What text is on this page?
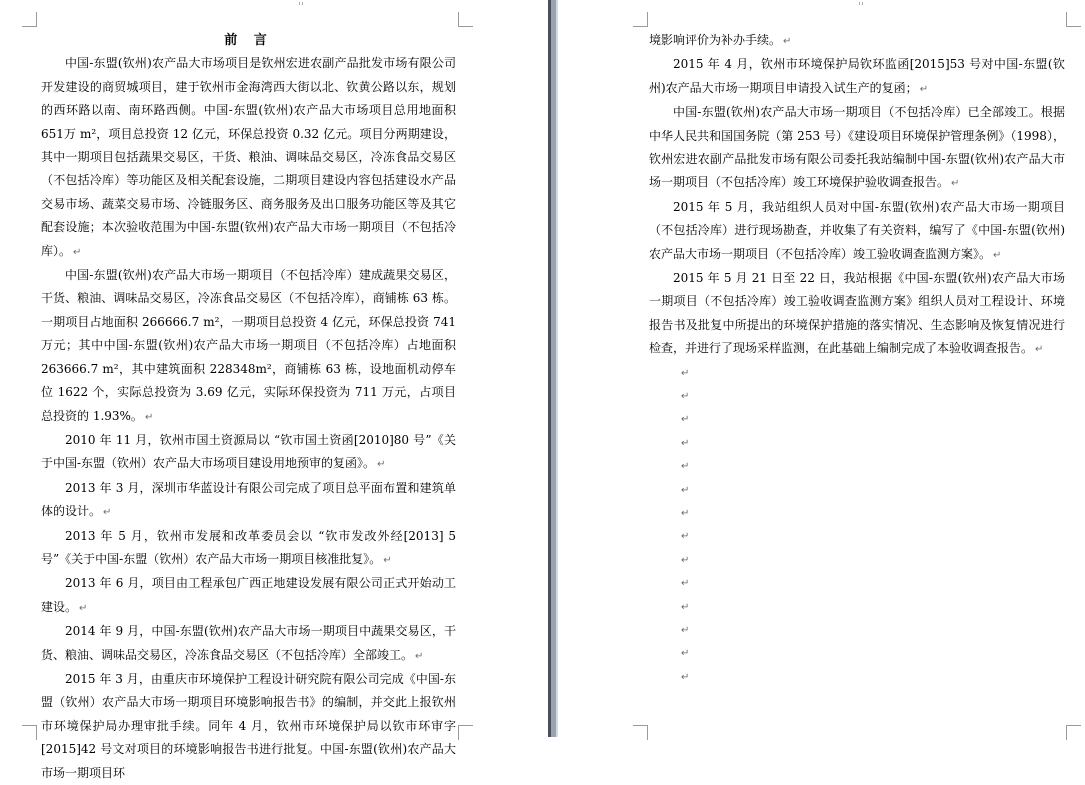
前 言

中国-东盟(钦州)农产品大市场项目是钦州宏进农副产品批发市场有限公司开发建设的商贸城项目，建于钦州市金海湾西大街以北、钦黄公路以东，规划的西环路以南、南环路西侧。中国-东盟(钦州)农产品大市场项目总用地面积 651万 m²，项目总投资 12 亿元，环保总投资 0.32 亿元。项目分两期建设，其中一期项目包括蔬果交易区，干货、粮油、调味品交易区，冷冻食品交易区（不包括冷库）等功能区及相关配套设施，二期项目建设内容包括建设水产品交易市场、蔬菜交易市场、冷链服务区、商务服务及出口服务功能区等及其它配套设施；本次验收范围为中国-东盟(钦州)农产品大市场一期项目（不包括冷库）。 ↵

中国-东盟(钦州)农产品大市场一期项目（不包括冷库）建成蔬果交易区，干货、粮油、调味品交易区，冷冻食品交易区（不包括冷库），商铺栋 63 栋。一期项目占地面积 266666.7 m²，一期项目总投资 4 亿元，环保总投资 741 万元；其中中国-东盟(钦州)农产品大市场一期项目（不包括冷库）占地面积 263666.7 m²，其中建筑面积 228348m²，商铺栋 63 栋，设地面机动停车位 1622 个，实际总投资为 3.69 亿元，实际环保投资为 711 万元，占项目总投资的 1.93%。 ↵

2010 年 11 月，钦州市国土资源局以 “钦市国土资函[2010]80 号”《关于中国-东盟（钦州）农产品大市场项目建设用地预审的复函》。 ↵

2013 年 3 月，深圳市华蓝设计有限公司完成了项目总平面布置和建筑单体的设计。 ↵

2013 年 5 月，钦州市发展和改革委员会以 “钦市发改外经[2013] 5 号”《关于中国-东盟（钦州）农产品大市场一期项目核准批复》。 ↵

2013 年 6 月，项目由工程承包广西正地建设发展有限公司正式开始动工建设。 ↵

2014 年 9 月，中国-东盟(钦州)农产品大市场一期项目中蔬果交易区，干货、粮油、调味品交易区，冷冻食品交易区（不包括冷库）全部竣工。 ↵

2015 年 3 月，由重庆市环境保护工程设计研究院有限公司完成《中国-东盟（钦州）农产品大市场一期项目环境影响报告书》的编制，并交此上报钦州市环境保护局办理审批手续。同年 4 月，钦州市环境保护局以钦市环审字[2015]42 号文对项目的环境影响报告书进行批复。中国-东盟(钦州)农产品大市场一期项目环

境影响评价为补办手续。 ↵

2015 年 4 月，钦州市环境保护局钦环监函[2015]53 号对中国-东盟(钦州)农产品大市场一期项目申请投入试生产的复函； ↵

中国-东盟(钦州)农产品大市场一期项目（不包括冷库）已全部竣工。根据中华人民共和国国务院（第 253 号）《建设项目环境保护管理条例》（1998），钦州宏进农副产品批发市场有限公司委托我站编制中国-东盟(钦州)农产品大市场一期项目（不包括冷库）竣工环境保护验收调查报告。 ↵

2015 年 5 月，我站组织人员对中国-东盟(钦州)农产品大市场一期项目（不包括冷库）进行现场勘查，并收集了有关资料，编写了《中国-东盟(钦州)农产品大市场一期项目（不包括冷库）竣工验收调查监测方案》。 ↵

2015 年 5 月 21 日至 22 日，我站根据《中国-东盟(钦州)农产品大市场一期项目（不包括冷库）竣工验收调查监测方案》组织人员对工程设计、环境报告书及批复中所提出的环境保护措施的落实情况、生态影响及恢复情况进行检查，并进行了现场采样监测，在此基础上编制完成了本验收调查报告。 ↵

↵
↵
↵
↵
↵
↵
↵
↵
↵
↵
↵
↵
↵
↵
